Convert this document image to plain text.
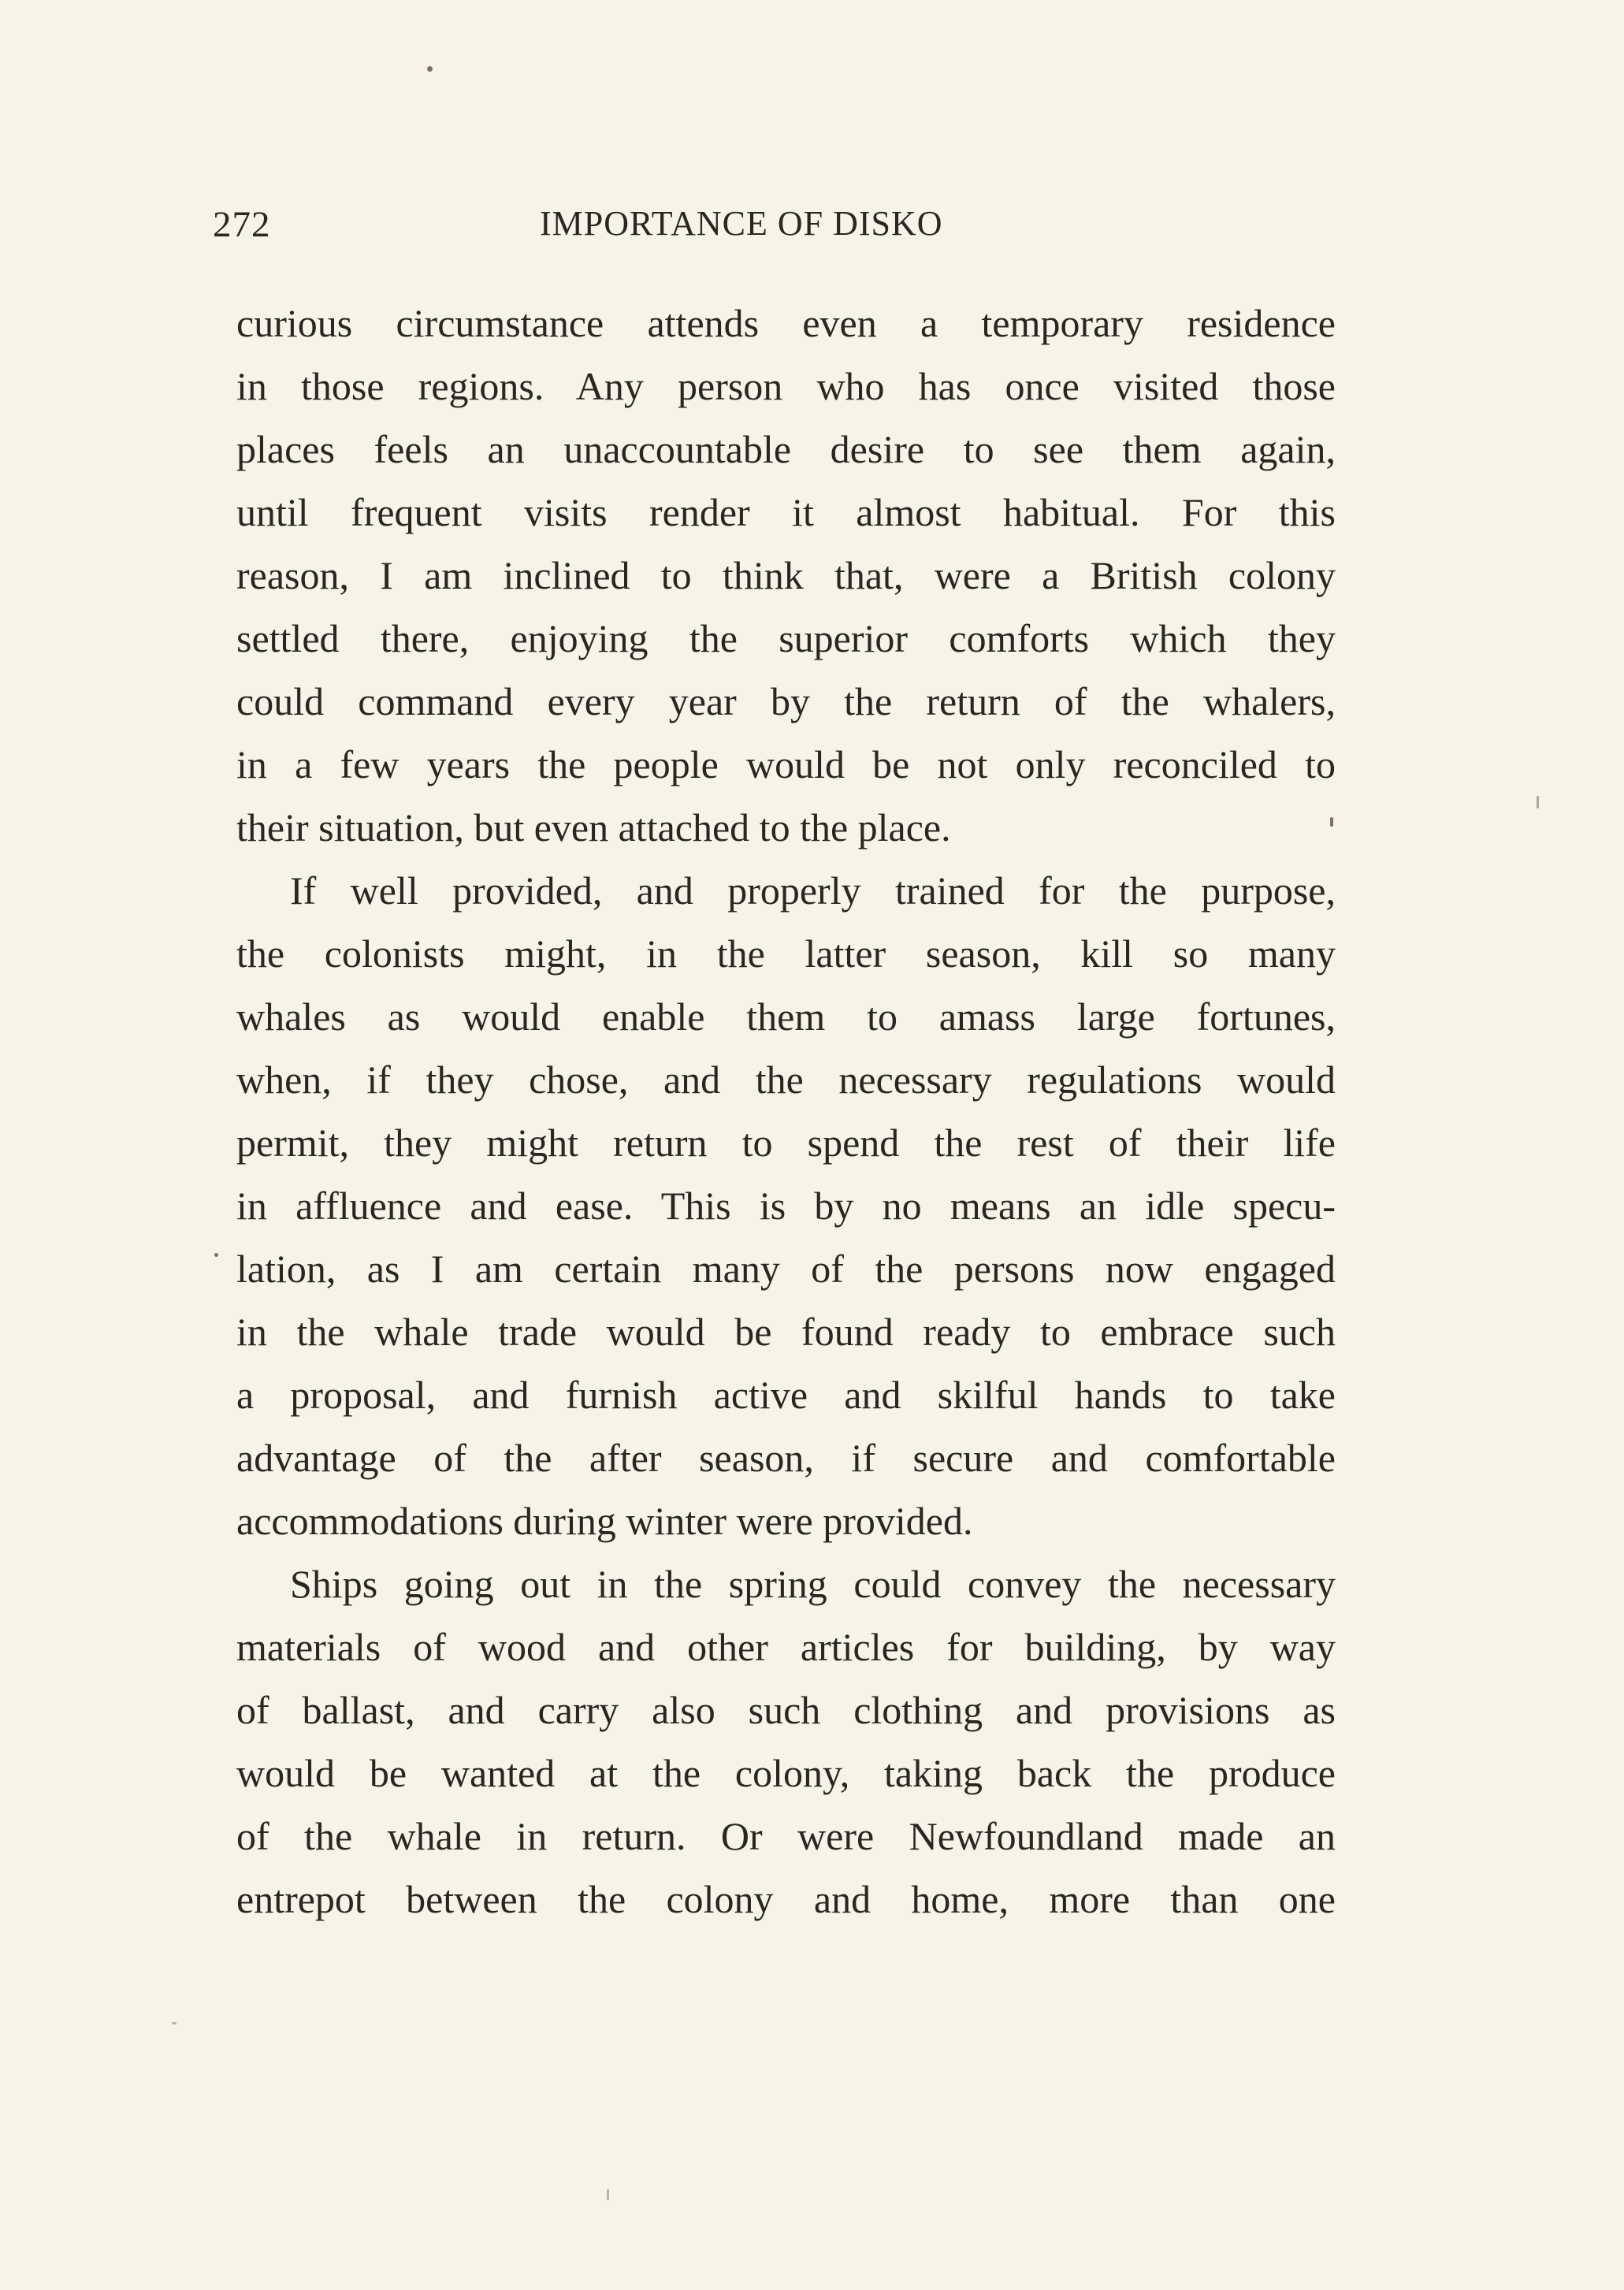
272	IMPORTANCE OF DISKO
curious circumstance attends even a temporary residence
in those regions. Any person who has once visited those
places feels an unaccountable desire to see them again,
until frequent visits render it almost habitual. For this
reason, I am inclined to think that, were a British colony
settled there, enjoying the superior comforts which they
could command every year by the return of the whalers,
in a few years the people would be not only reconciled to
their situation, but even attached to the place.
If well provided, and properly trained for the purpose,
the colonists might, in the latter season, kill so many
whales as would enable them to amass large fortunes,
when, if they chose, and the necessary regulations would
permit, they might return to spend the rest of their life
in affluence and ease. This is by no means an idle specu-
lation, as I am certain many of the persons now engaged
in the whale trade would be found ready to embrace such
a proposal, and furnish active and skilful hands to take
advantage of the after season, if secure and comfortable
accommodations during winter were provided.
Ships going out in the spring could convey the necessary
materials of wood and other articles for building, by way
of ballast, and carry also such clothing and provisions as
would be wanted at the colony, taking back the produce
of the whale in return. Or were Newfoundland made an
entrepot between the colony and home, more than one
